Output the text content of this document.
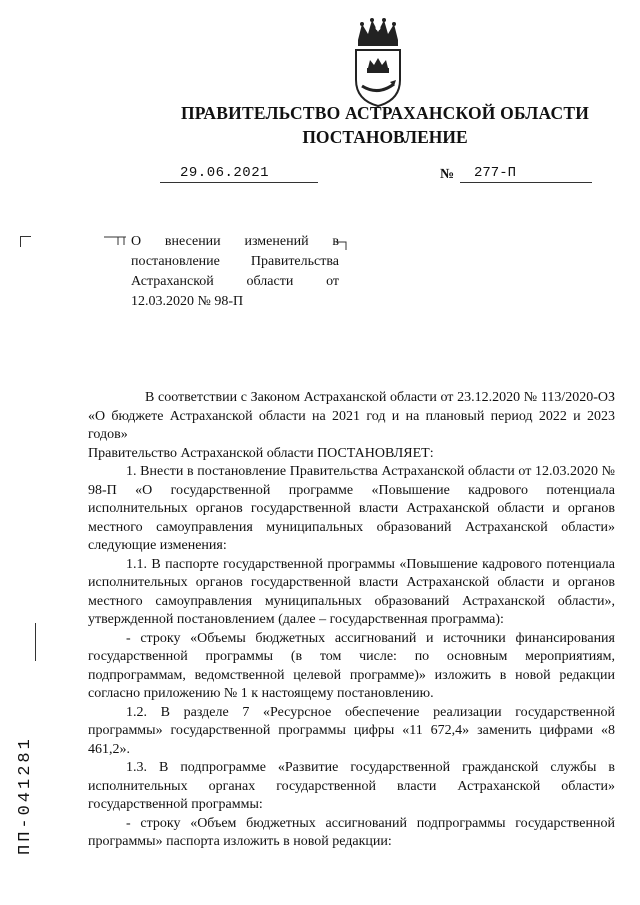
ПРАВИТЕЛЬСТВО АСТРАХАНСКОЙ ОБЛАСТИ
ПОСТАНОВЛЕНИЕ
29.06.2021	№ 277-П
О внесении изменений в постановление Правительства Астраханской области от 12.03.2020 № 98-П

В соответствии с Законом Астраханской области от 23.12.2020 № 113/2020-ОЗ «О бюджете Астраханской области на 2021 год и на плановый период 2022 и 2023 годов»

Правительство Астраханской области ПОСТАНОВЛЯЕТ:

1. Внести в постановление Правительства Астраханской области от 12.03.2020 № 98-П «О государственной программе «Повышение кадрового потенциала исполнительных органов государственной власти Астраханской области и органов местного самоуправления муниципальных образований Астраханской области» следующие изменения:

1.1. В паспорте государственной программы «Повышение кадрового потенциала исполнительных органов государственной власти Астраханской области и органов местного самоуправления муниципальных образований Астраханской области», утвержденной постановлением (далее – государственная программа):

- строку «Объемы бюджетных ассигнований и источники финансирования государственной программы (в том числе: по основным мероприятиям, подпрограммам, ведомственной целевой программе)» изложить в новой редакции согласно приложению № 1 к настоящему постановлению.

1.2. В разделе 7 «Ресурсное обеспечение реализации государственной программы» государственной программы цифры «11 672,4» заменить цифрами «8 461,2».

1.3. В подпрограмме «Развитие государственной гражданской службы в исполнительных органах государственной власти Астраханской области» государственной программы:

- строку «Объем бюджетных ассигнований подпрограммы государственной программы» паспорта изложить в новой редакции:

ПП-041281
